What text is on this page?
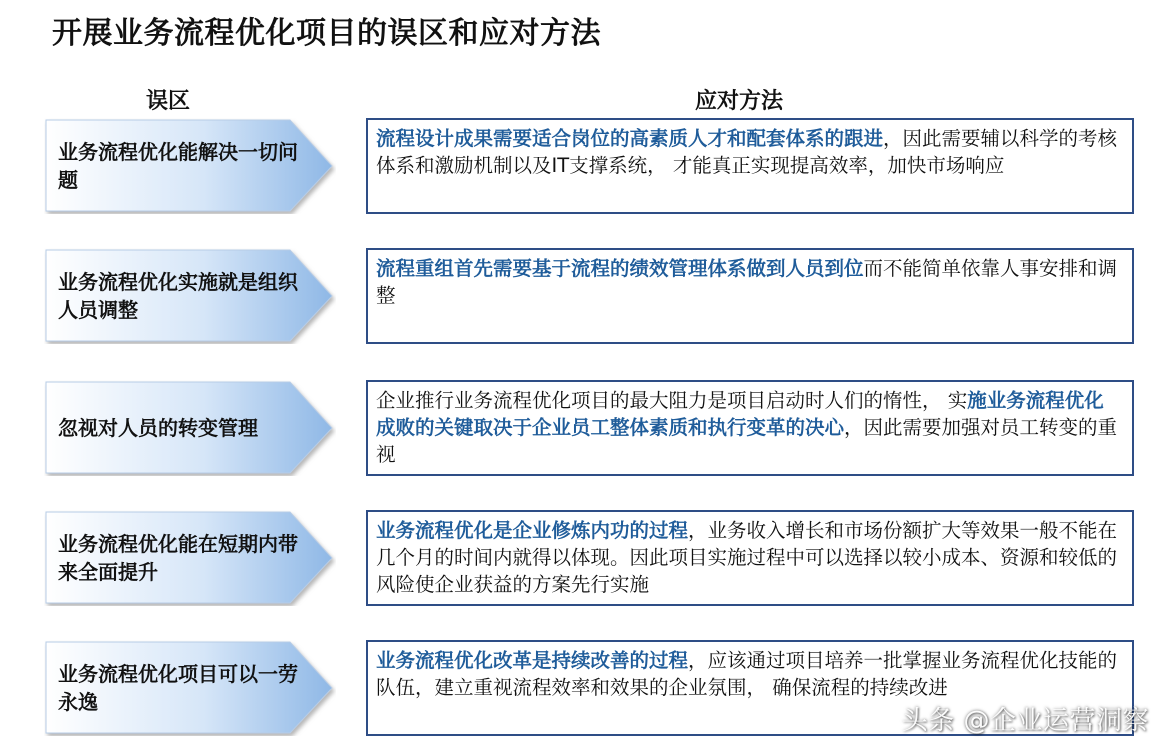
开展业务流程优化项目的误区和应对方法
误区	应对方法
业务流程优化能解决一切问题
流程设计成果需要适合岗位的高素质人才和配套体系的跟进，因此需要辅以科学的考核体系和激励机制以及IT支撑系统， 才能真正实现提高效率，加快市场响应
业务流程优化实施就是组织人员调整
流程重组首先需要基于流程的绩效管理体系做到人员到位而不能简单依靠人事安排和调整
忽视对人员的转变管理
企业推行业务流程优化项目的最大阻力是项目启动时人们的惰性， 实施业务流程优化成败的关键取决于企业员工整体素质和执行变革的决心，因此需要加强对员工转变的重视
业务流程优化能在短期内带来全面提升
业务流程优化是企业修炼内功的过程，业务收入增长和市场份额扩大等效果一般不能在几个月的时间内就得以体现。因此项目实施过程中可以选择以较小成本、资源和较低的风险使企业获益的方案先行实施
业务流程优化项目可以一劳永逸
业务流程优化改革是持续改善的过程，应该通过项目培养一批掌握业务流程优化技能的队伍，建立重视流程效率和效果的企业氛围， 确保流程的持续改进
头条 @企业运营洞察
